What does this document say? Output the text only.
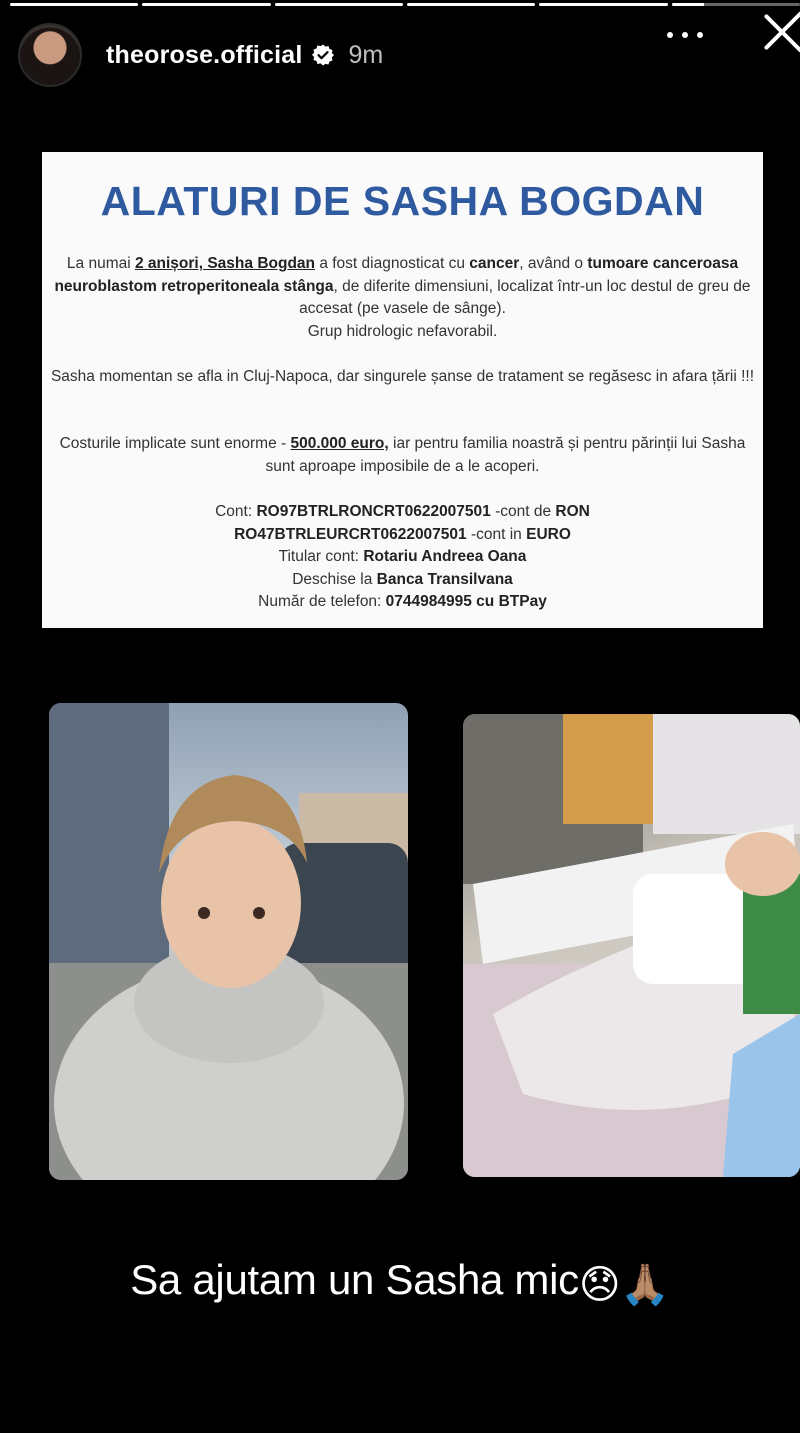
theorose.official 9m
ALATURI DE SASHA BOGDAN
La numai 2 anișori, Sasha Bogdan a fost diagnosticat cu cancer, având o tumoare canceroasa neuroblastom retroperitoneala stânga, de diferite dimensiuni, localizat într-un loc destul de greu de accesat (pe vasele de sânge).
Grup hidrologic nefavorabil.
Sasha momentan se afla in Cluj-Napoca, dar singurele șanse de tratament se regăsesc in afara țării !!!
Costurile implicate sunt enorme - 500.000 euro, iar pentru familia noastră și pentru părinții lui Sasha sunt aproape imposibile de a le acoperi.
Cont: RO97BTRLRONCRT0622007501 -cont de RON
RO47BTRLEURCRT0622007501 -cont in EURO
Titular cont: Rotariu Andreea Oana
Deschise la Banca Transilvana
Număr de telefon: 0744984995 cu BTPay
Sa ajutam un Sasha mic😞🙏🏽
